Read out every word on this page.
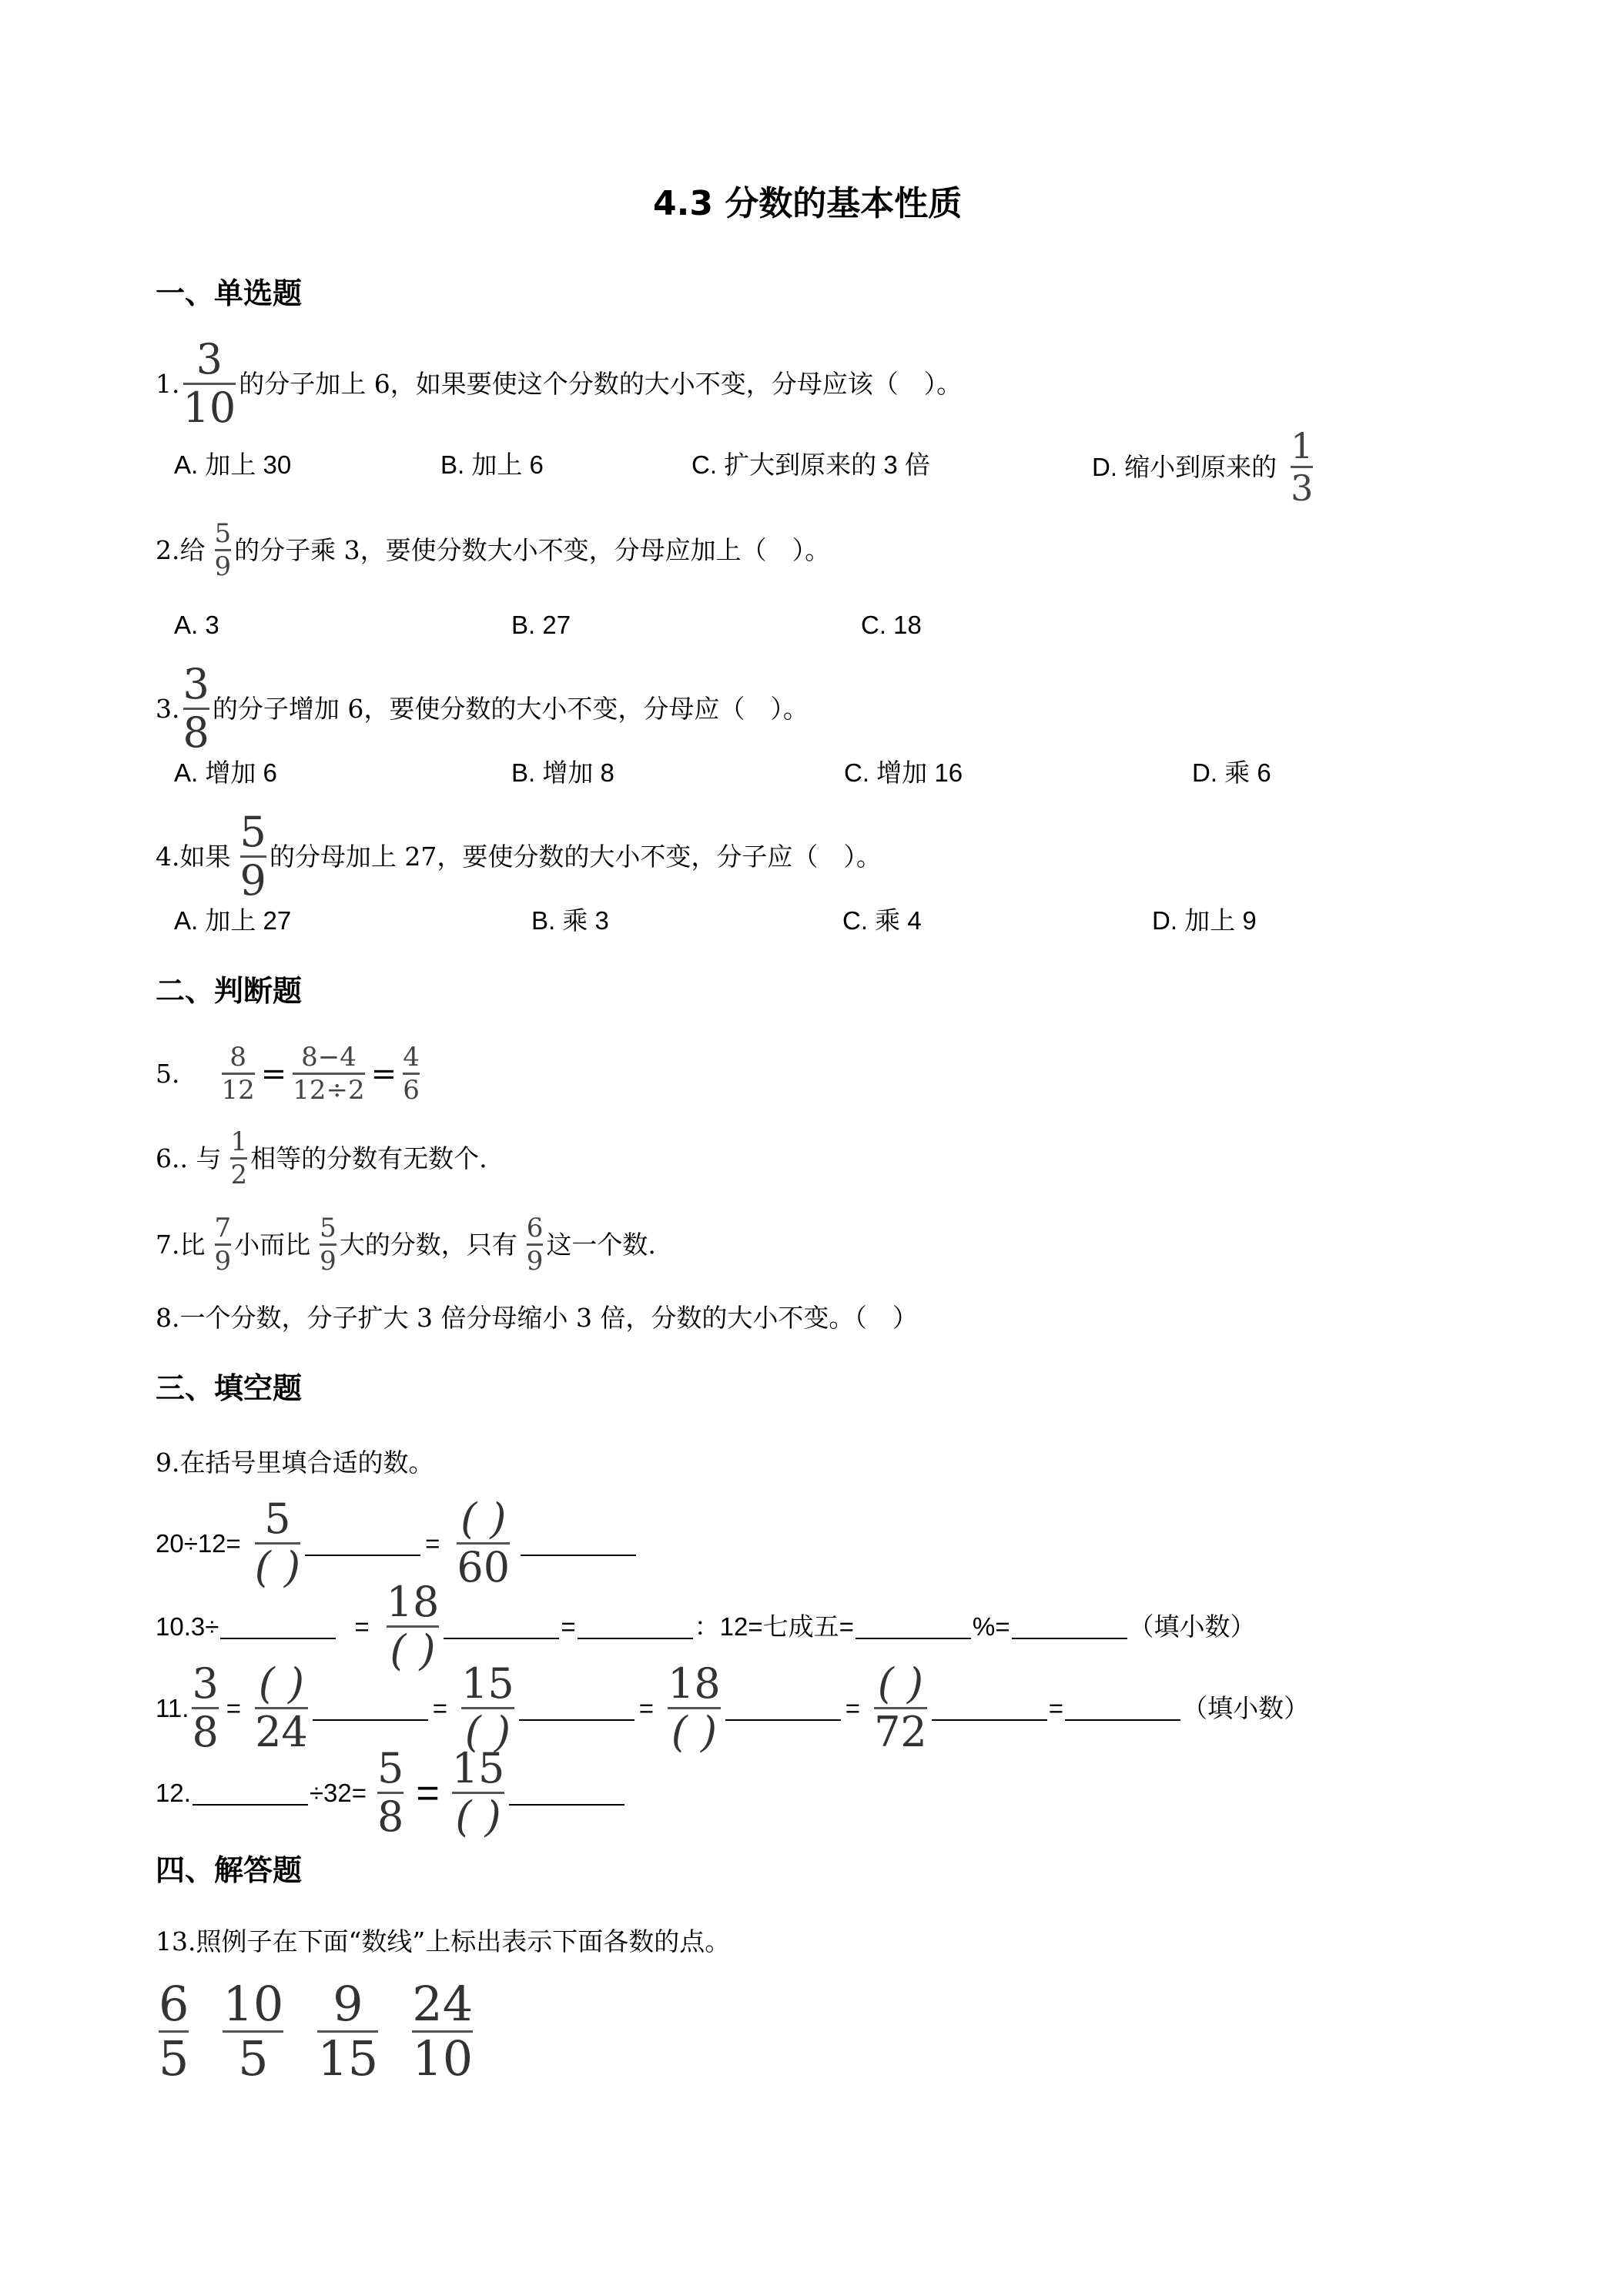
4.3 分数的基本性质
一、单选题
1. 3
10 的分子加上 6，如果要使这个分数的大小不变，分母应该（　）。
A. 加上 30	B. 加上 6	C. 扩大到原来的 3 倍	D. 缩小到原来的 1
3
2.给
5
9
的分子乘 3，要使分数大小不变，分母应加上（　）。
A. 3	B. 27	C. 18
3. 3
8 的分子增加 6，要使分数的大小不变，分母应（　）。
A. 增加 6	B. 增加 8	C. 增加 16	D. 乘 6
4.如果 5
9 的分母加上 27，要使分数的大小不变，分子应（　）。
A. 加上 27	B. 乘 3	C. 乘 4	D. 加上 9
二、判断题
5.
8
12 = 8−4
12÷2 = 4
6
6.. 与
1
2
相等的分数有无数个.
7.比
7
9
小而比
5
9
大的分数，只有
6
9
这一个数.
8.一个分数，分子扩大 3 倍分母缩小 3 倍，分数的大小不变。（　）
三、填空题
9.在括号里填合适的数。
20÷12= 5
( )	= ( )
60
10.3÷	= 18
( )	=	：12=七成五=	%=	（填小数）
11. 3
8 = ( )
24	= 15
( )	= 18
( )	= ( )
72	=	（填小数）
12.	÷32= 5
8 =
15
( )
四、解答题
13.照例子在下面“数线”上标出表示下面各数的点。
6
5
10
5
9
15
24
10
